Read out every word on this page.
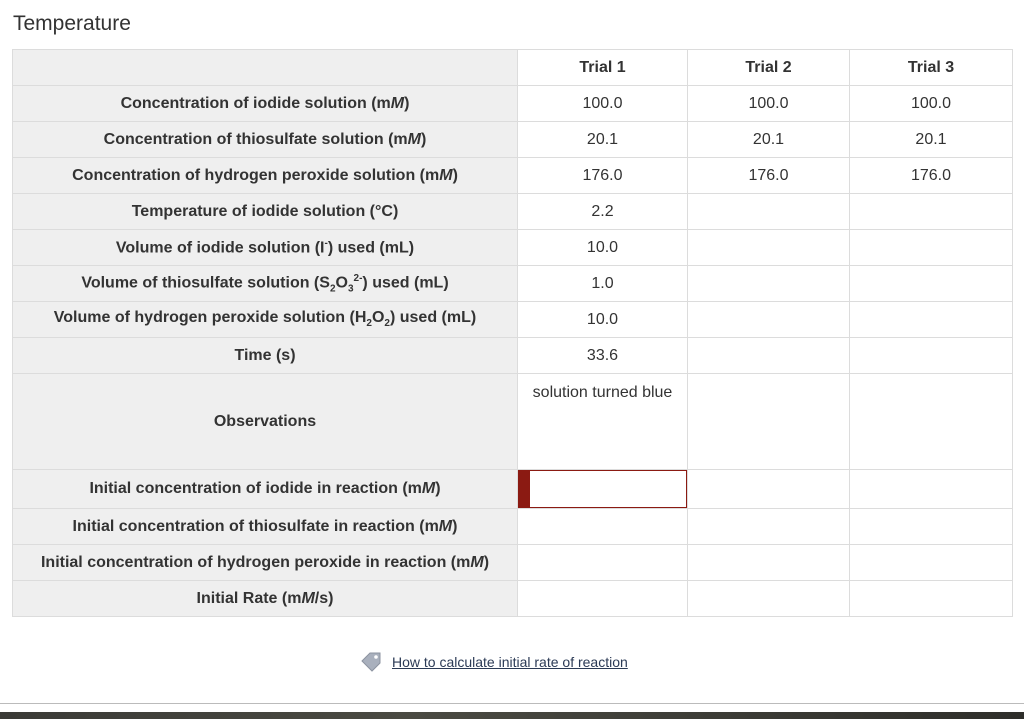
Temperature
	Trial 1	Trial 2	Trial 3
Concentration of iodide solution (mM)	100.0	100.0	100.0
Concentration of thiosulfate solution (mM)	20.1	20.1	20.1
Concentration of hydrogen peroxide solution (mM)	176.0	176.0	176.0
Temperature of iodide solution (°C)	2.2		
Volume of iodide solution (I-) used (mL)	10.0		
Volume of thiosulfate solution $(S_2O_3^{2-})$ used (mL)	1.0		
Volume of hydrogen peroxide solution $(H_2O_2)$ used (mL)	10.0		
Time (s)	33.6		
Observations	solution turned blue		
Initial concentration of iodide in reaction (mM)	

Initial concentration of thiosulfate in reaction (mM)			
Initial concentration of hydrogen peroxide in reaction (mM)			
Initial Rate (mM/s)			
How to calculate initial rate of reaction
